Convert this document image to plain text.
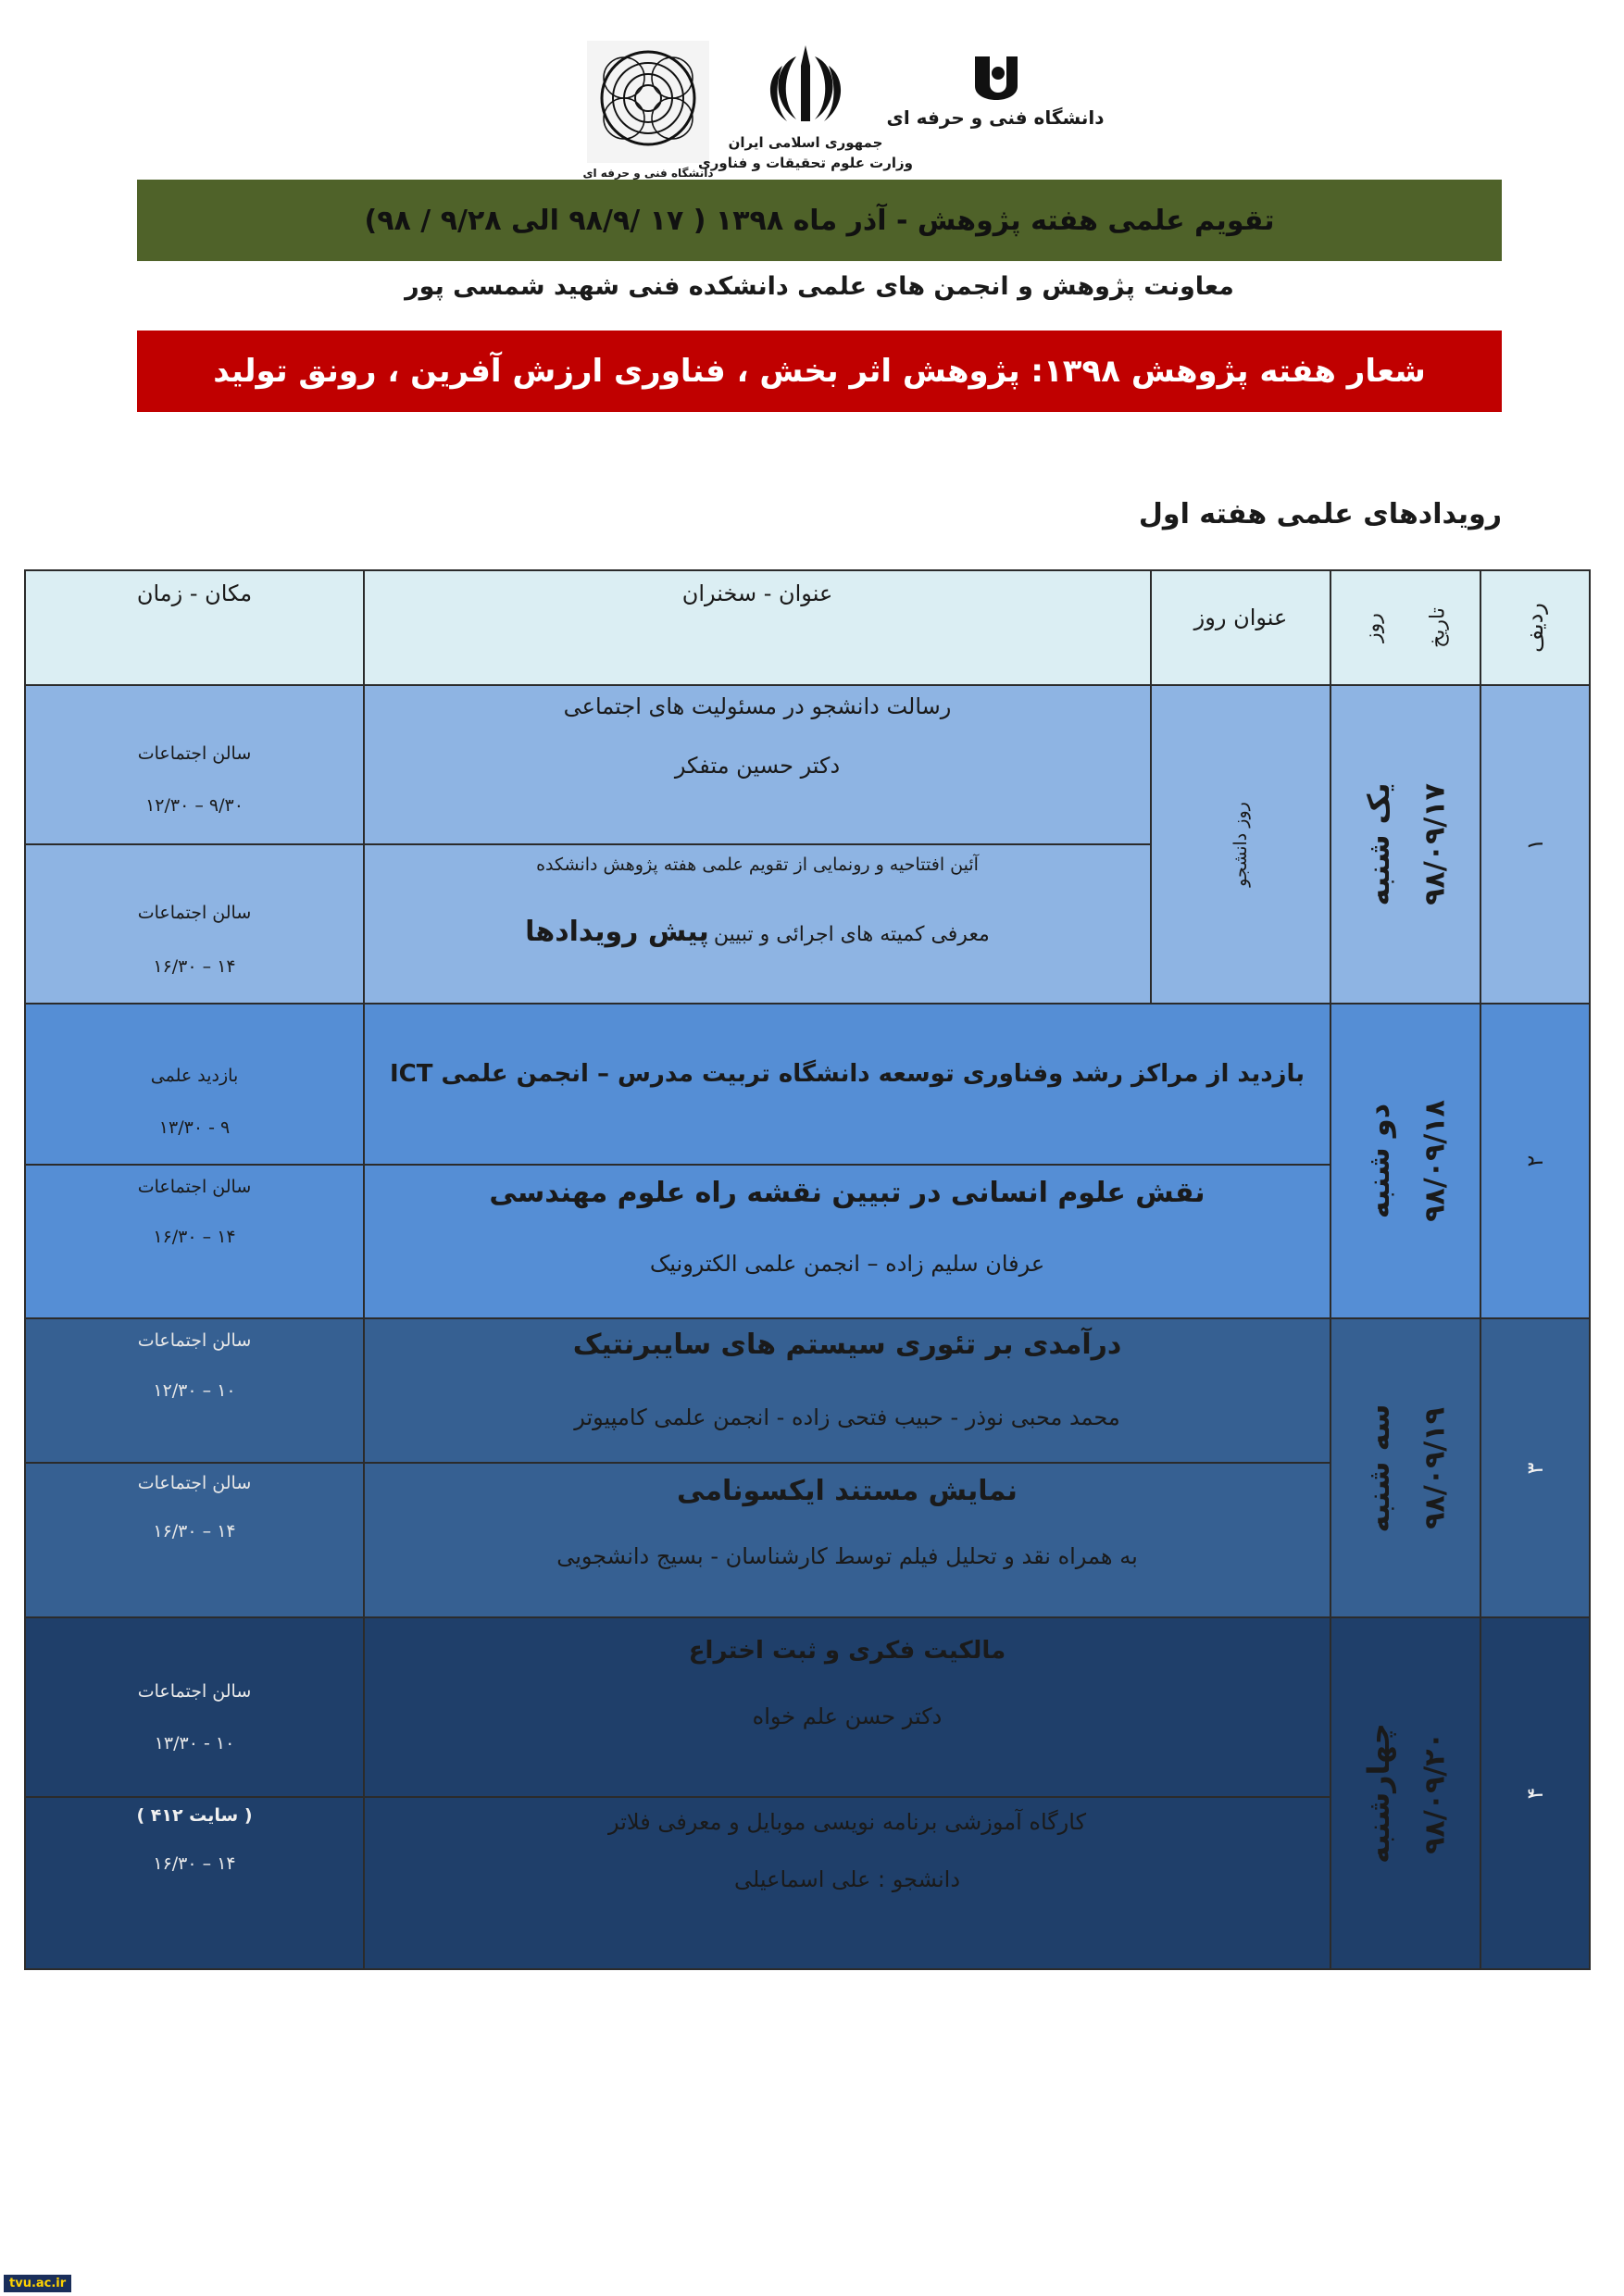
دانشگاه فنی و حرفه ای
جمهوری اسلامی ایران
وزارت علوم تحقیقات و فناوری
دانشگاه فنی و حرفه ای
تقویم علمی هفته پژوهش - آذر ماه ۱۳۹۸ ( ۱۷ /۹۸/۹ الی ۹/۲۸ / ۹۸)
معاونت پژوهش و انجمن های علمی دانشکده فنی شهید شمسی پور
شعار هفته پژوهش ۱۳۹۸: پژوهش اثر بخش ، فناوری ارزش آفرین ، رونق تولید
رویدادهای علمی هفته اول
ردیف
تاریخ
روز
عنوان روز
عنوان - سخنران
مکان - زمان
۱
۹۸/۰۹/۱۷
یک شنبه
روز دانشجو
رسالت دانشجو در مسئولیت های اجتماعی
دکتر حسین متفکر
سالن اجتماعات
۹/۳۰ – ۱۲/۳۰
آئین افتتاحیه و رونمایی از تقویم علمی هفته پژوهش دانشکده
معرفی کمیته های اجرائی و تبیین پیش رویدادها
سالن اجتماعات
۱۴ – ۱۶/۳۰
۲
۹۸/۰۹/۱۸
دو شنبه
بازدید از مراکز رشد وفناوری توسعه دانشگاه تربیت مدرس – انجمن علمی ICT
بازدید علمی
۹ - ۱۳/۳۰
نقش علوم انسانی در تبیین نقشه راه علوم مهندسی
عرفان سلیم زاده – انجمن علمی الکترونیک
سالن اجتماعات
۱۴ – ۱۶/۳۰
۳
۹۸/۰۹/۱۹
سه شنبه
درآمدی بر تئوری سیستم های سایبرنتیک
محمد محبی نوذر - حبیب فتحی زاده - انجمن علمی کامپیوتر
سالن اجتماعات
۱۰ – ۱۲/۳۰
نمایش مستند ایکسونامی
به همراه نقد و تحلیل فیلم توسط کارشناسان - بسیج دانشجویی
سالن اجتماعات
۱۴ – ۱۶/۳۰
۴
۹۸/۰۹/۲۰
چهارشنبه
مالکیت فکری و ثبت اختراع
دکتر حسن علم خواه
سالن اجتماعات
۱۰ - ۱۳/۳۰
کارگاه آموزشی برنامه نویسی موبایل و معرفی فلاتر
دانشجو : علی اسماعیلی
( سایت ۴۱۲ )
۱۴ – ۱۶/۳۰
tvu.ac.ir
